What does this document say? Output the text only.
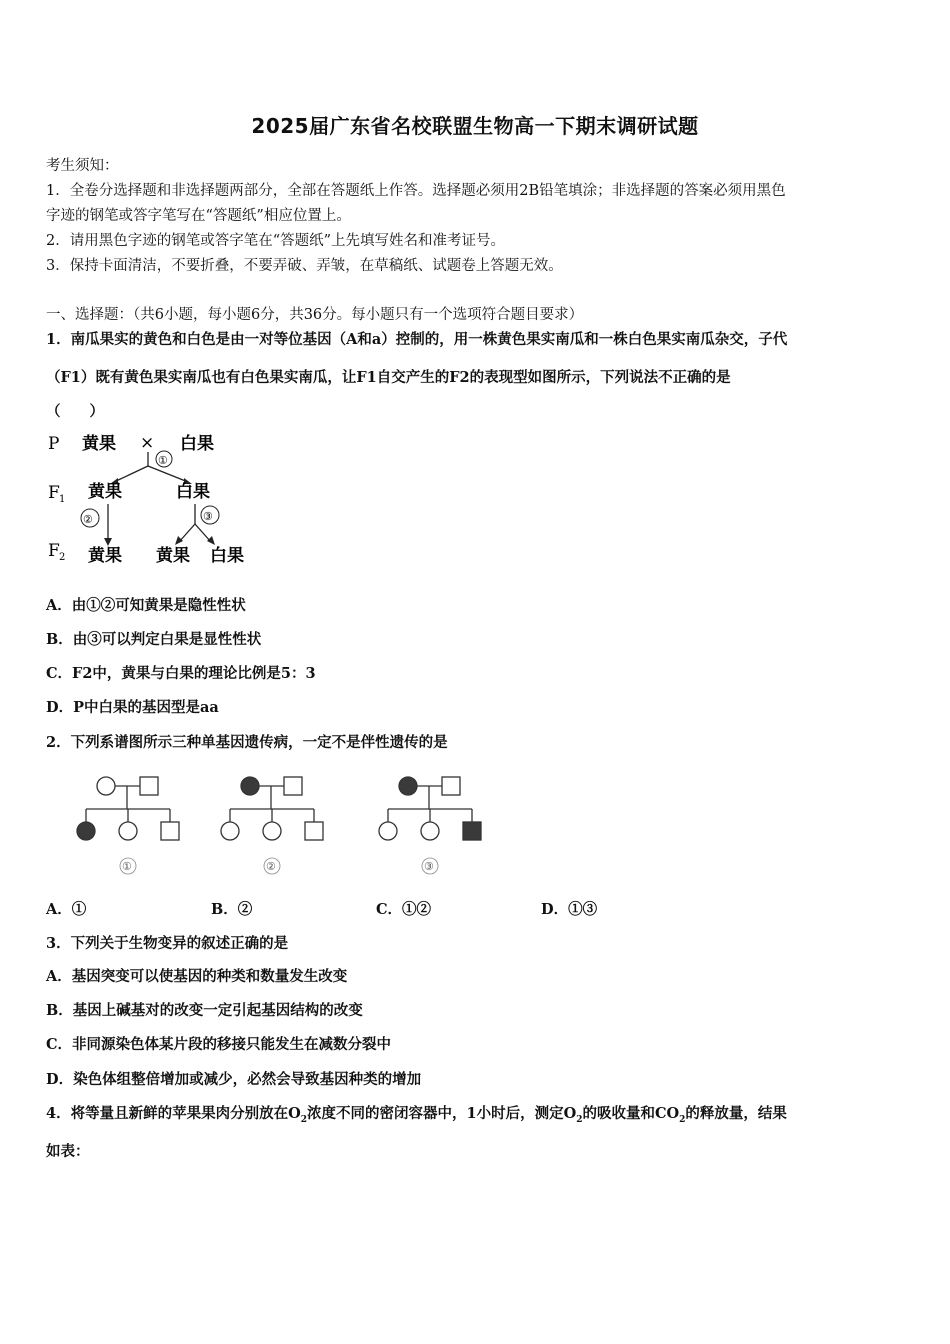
2025届广东省名校联盟生物高一下期末调研试题
考生须知：
1．全卷分选择题和非选择题两部分，全部在答题纸上作答。选择题必须用2B铅笔填涂；非选择题的答案必须用黑色
字迹的钢笔或答字笔写在“答题纸”相应位置上。
2．请用黑色字迹的钢笔或答字笔在“答题纸”上先填写姓名和准考证号。
3．保持卡面清洁，不要折叠，不要弄破、弄皱，在草稿纸、试题卷上答题无效。
一、选择题：（共6小题，每小题6分，共36分。每小题只有一个选项符合题目要求）
1．南瓜果实的黄色和白色是由一对等位基因（A和a）控制的，用一株黄色果实南瓜和一株白色果实南瓜杂交，子代
（F1）既有黄色果实南瓜也有白色果实南瓜，让F1自交产生的F2的表现型如图所示，下列说法不正确的是
（　　）
P 黄果 × 白果
①
F 1 黄果	白果
②	③
F 2 黄果 黄果 白果
A．由①②可知黄果是隐性性状
B．由③可以判定白果是显性性状
C．F2中，黄果与白果的理论比例是5：3
D．P中白果的基因型是aa
2．下列系谱图所示三种单基因遗传病，一定不是伴性遗传的是
①	②	③
A．①	B．②	C．①②	D．①③
3．下列关于生物变异的叙述正确的是
A．基因突变可以使基因的种类和数量发生改变
B．基因上碱基对的改变一定引起基因结构的改变
C．非同源染色体某片段的移接只能发生在减数分裂中
D．染色体组整倍增加或减少，必然会导致基因种类的增加
4．将等量且新鲜的苹果果肉分别放在$O_2$浓度不同的密闭容器中，1小时后，测定$O_2$的吸收量和$CO_2$的释放量，结果
如表：
